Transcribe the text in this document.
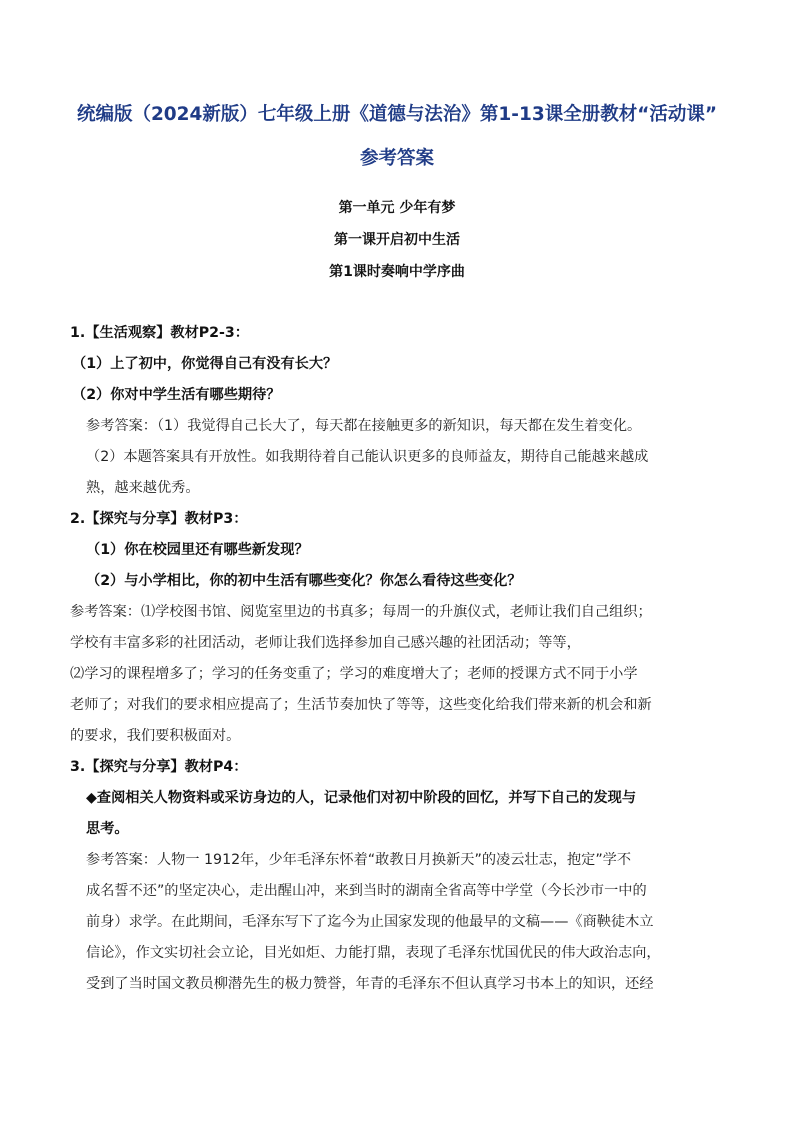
统编版（2024新版）七年级上册《道德与法治》第1-13课全册教材“活动课”
参考答案
第一单元 少年有梦
第一课开启初中生活
第1课时奏响中学序曲
1.【生活观察】教材P2-3：
（1）上了初中，你觉得自己有没有长大？
（2）你对中学生活有哪些期待？
参考答案：（1）我觉得自己长大了，每天都在接触更多的新知识，每天都在发生着变化。
（2）本题答案具有开放性。如我期待着自己能认识更多的良师益友，期待自己能越来越成
熟，越来越优秀。
2.【探究与分享】教材P3：
（1）你在校园里还有哪些新发现？
（2）与小学相比，你的初中生活有哪些变化？你怎么看待这些变化？
参考答案：⑴学校图书馆、阅览室里边的书真多；每周一的升旗仪式，老师让我们自己组织；
学校有丰富多彩的社团活动，老师让我们选择参加自己感兴趣的社团活动；等等，
⑵学习的课程增多了；学习的任务变重了；学习的难度增大了；老师的授课方式不同于小学
老师了；对我们的要求相应提高了；生活节奏加快了等等，这些变化给我们带来新的机会和新
的要求，我们要积极面对。
3.【探究与分享】教材P4：
◆查阅相关人物资料或采访身边的人，记录他们对初中阶段的回忆，并写下自己的发现与
思考。
参考答案：人物一 1912年，少年毛泽东怀着“敢教日月换新天”的凌云壮志，抱定”学不
成名誓不还”的坚定决心，走出醒山冲，来到当时的湖南全省高等中学堂（今长沙市一中的
前身）求学。在此期间，毛泽东写下了迄今为止国家发现的他最早的文稿——《商鞅徒木立
信论》，作文实切社会立论，目光如炬、力能打鼎，表现了毛泽东忧国优民的伟大政治志向，
受到了当时国文教员柳潜先生的极力赞誉，年青的毛泽东不但认真学习书本上的知识，还经
